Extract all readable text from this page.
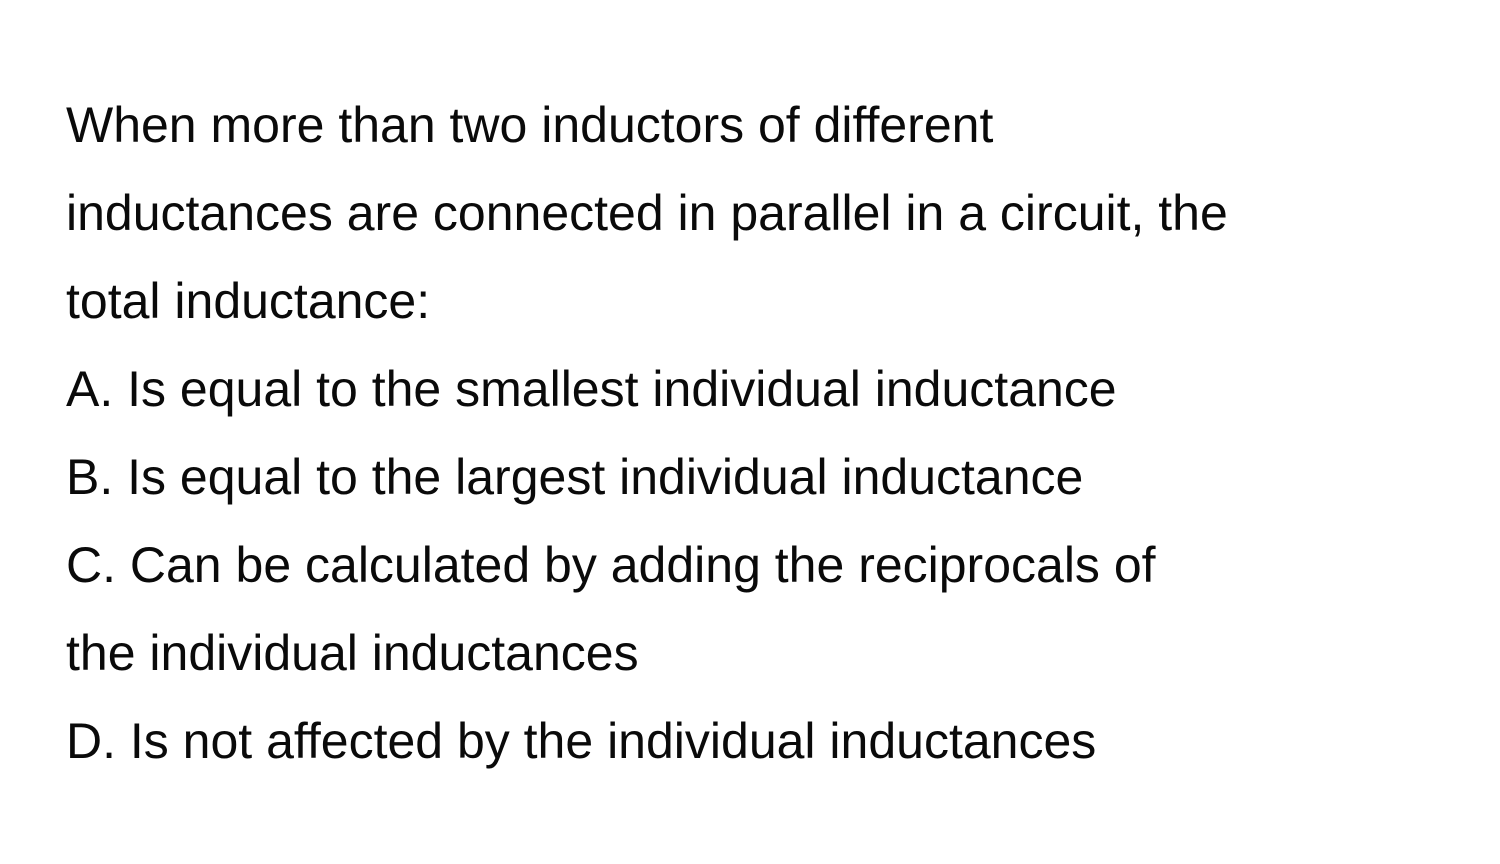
When more than two inductors of different
inductances are connected in parallel in a circuit, the
total inductance:
A. Is equal to the smallest individual inductance
B. Is equal to the largest individual inductance
C. Can be calculated by adding the reciprocals of
the individual inductances
D. Is not affected by the individual inductances
